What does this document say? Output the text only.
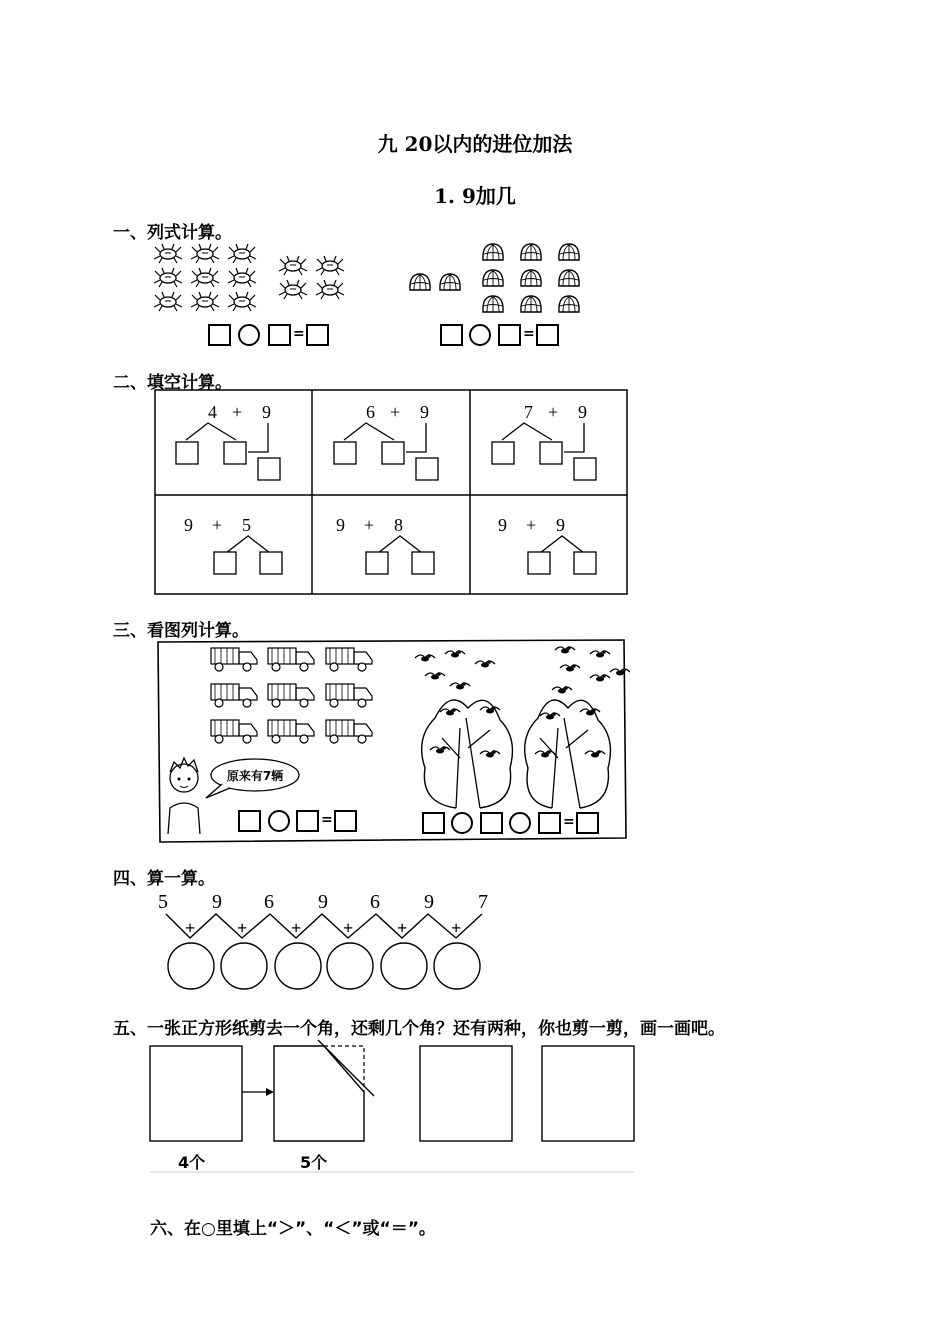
九 20以内的进位加法
1. 9加几
一、列式计算。
=	=
二、填空计算。
4 + 9	6 + 9	7 + 9
9 + 5	9 + 8	9 + 9
三、看图列计算。
原来有7辆
=	=
四、算一算。
5 9 6 9 6 9 7
+ + + + + +
五、一张正方形纸剪去一个角，还剩几个角？还有两种，你也剪一剪，画一画吧。
4个	5个
六、在○里填上“＞”、“＜”或“＝”。
